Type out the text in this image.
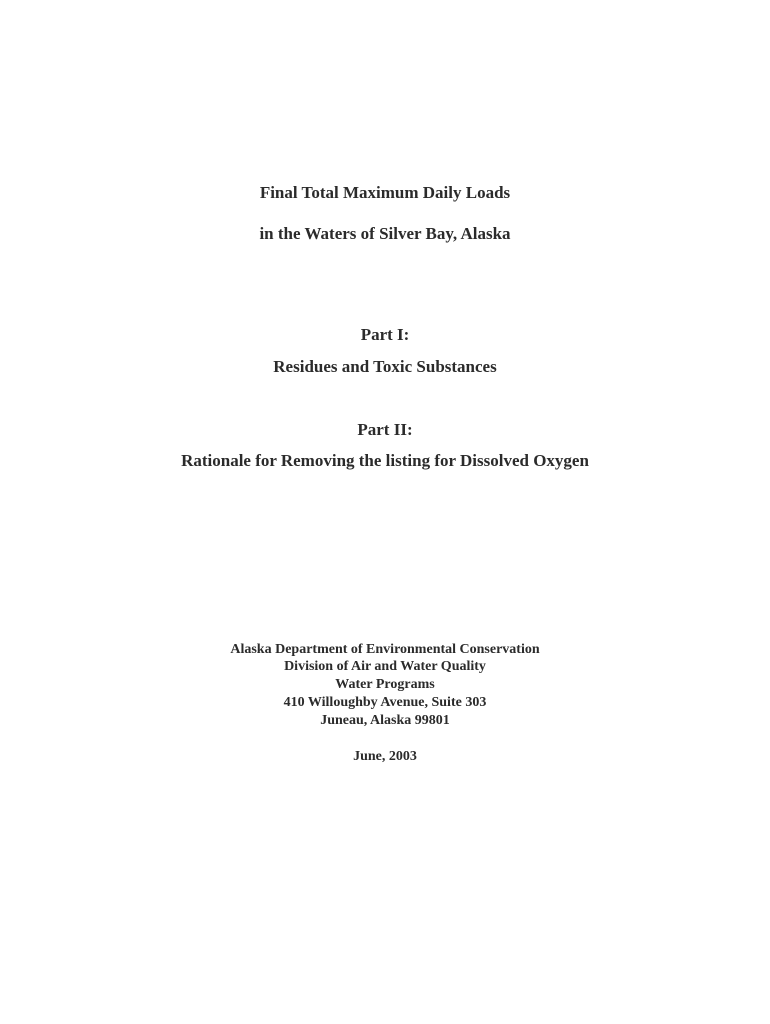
Final Total Maximum Daily Loads
in the Waters of Silver Bay, Alaska
Part I:
Residues and Toxic Substances
Part II:
Rationale for Removing the listing for Dissolved Oxygen
Alaska Department of Environmental Conservation
Division of Air and Water Quality
Water Programs
410 Willoughby Avenue, Suite 303
Juneau, Alaska 99801
June, 2003
